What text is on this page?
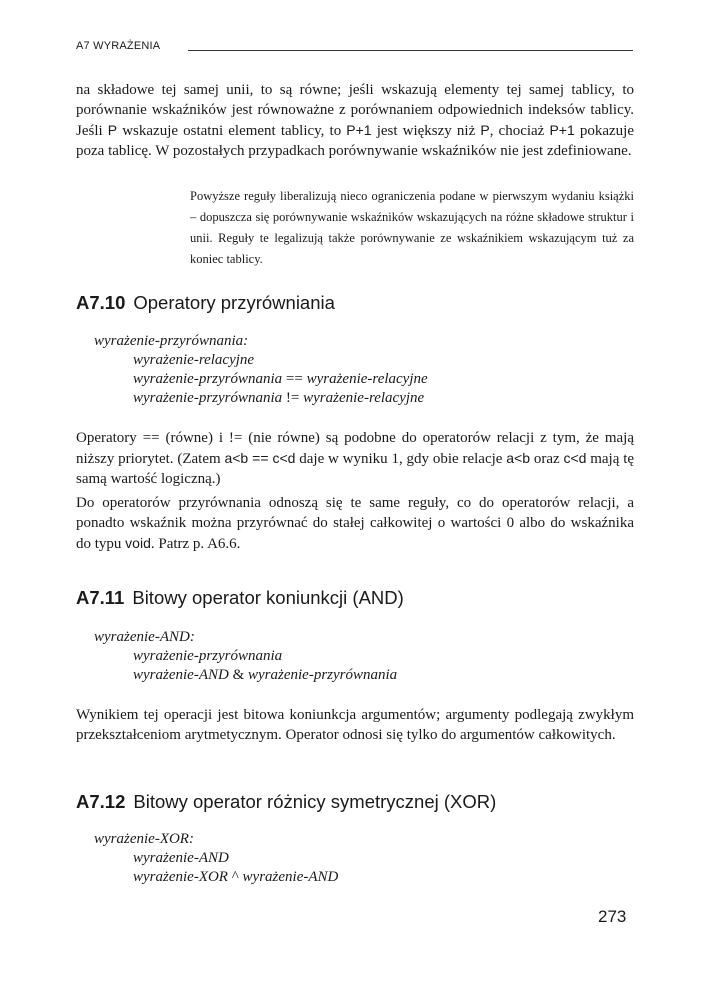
A7 WYRAŻENIA
na składowe tej samej unii, to są równe; jeśli wskazują elementy tej samej tablicy, to porównanie wskaźników jest równoważne z porównaniem odpowiednich indeksów tablicy. Jeśli P wskazuje ostatni element tablicy, to P+1 jest większy niż P, chociaż P+1 pokazuje poza tablicę. W pozostałych przypadkach porównywanie wskaźników nie jest zdefiniowane.
Powyższe reguły liberalizują nieco ograniczenia podane w pierwszym wydaniu książki – dopuszcza się porównywanie wskaźników wskazujących na różne składowe struktur i unii. Reguły te legalizują także porównywanie ze wskaźnikiem wskazującym tuż za koniec tablicy.
A7.10 Operatory przyrówniania
wyrażenie-przyrównania:
wyrażenie-relacyjne
wyrażenie-przyrównania == wyrażenie-relacyjne
wyrażenie-przyrównania != wyrażenie-relacyjne
Operatory == (równe) i != (nie równe) są podobne do operatorów relacji z tym, że mają niższy priorytet. (Zatem a<b == c<d daje w wyniku 1, gdy obie relacje a<b oraz c<d mają tę samą wartość logiczną.)
Do operatorów przyrównania odnoszą się te same reguły, co do operatorów relacji, a ponadto wskaźnik można przyrównać do stałej całkowitej o wartości 0 albo do wskaźnika do typu void. Patrz p. A6.6.
A7.11 Bitowy operator koniunkcji (AND)
wyrażenie-AND:
wyrażenie-przyrównania
wyrażenie-AND & wyrażenie-przyrównania
Wynikiem tej operacji jest bitowa koniunkcja argumentów; argumenty podlegają zwykłym przekształceniom arytmetycznym. Operator odnosi się tylko do argumentów całkowitych.
A7.12 Bitowy operator różnicy symetrycznej (XOR)
wyrażenie-XOR:
wyrażenie-AND
wyrażenie-XOR ^ wyrażenie-AND
273
